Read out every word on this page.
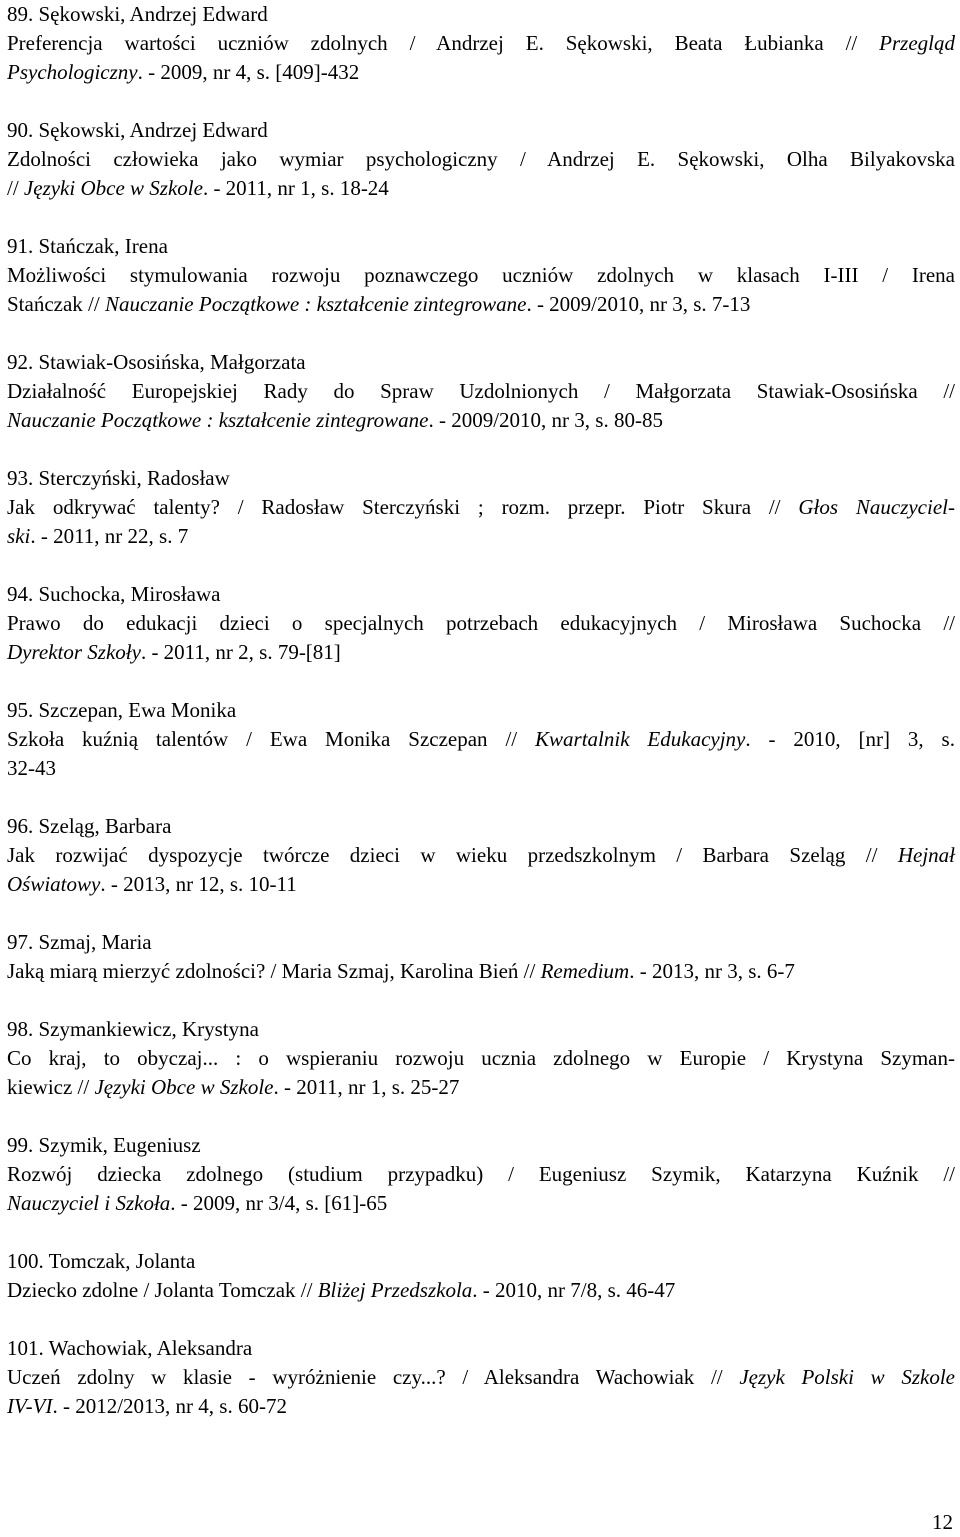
89. Sękowski, Andrzej Edward
Preferencja wartości uczniów zdolnych / Andrzej E. Sękowski, Beata Łubianka // Przegląd
Psychologiczny. - 2009, nr 4, s. [409]-432
90. Sękowski, Andrzej Edward
Zdolności człowieka jako wymiar psychologiczny / Andrzej E. Sękowski, Olha Bilyakovska
// Języki Obce w Szkole. - 2011, nr 1, s. 18-24
91. Stańczak, Irena
Możliwości stymulowania rozwoju poznawczego uczniów zdolnych w klasach I-III / Irena
Stańczak // Nauczanie Początkowe : kształcenie zintegrowane. - 2009/2010, nr 3, s. 7-13
92. Stawiak-Ososińska, Małgorzata
Działalność Europejskiej Rady do Spraw Uzdolnionych / Małgorzata Stawiak-Ososińska //
Nauczanie Początkowe : kształcenie zintegrowane. - 2009/2010, nr 3, s. 80-85
93. Sterczyński, Radosław
Jak odkrywać talenty? / Radosław Sterczyński ; rozm. przepr. Piotr Skura // Głos Nauczyciel-
ski. - 2011, nr 22, s. 7
94. Suchocka, Mirosława
Prawo do edukacji dzieci o specjalnych potrzebach edukacyjnych / Mirosława Suchocka //
Dyrektor Szkoły. - 2011, nr 2, s. 79-[81]
95. Szczepan, Ewa Monika
Szkoła kuźnią talentów / Ewa Monika Szczepan // Kwartalnik Edukacyjny. - 2010, [nr] 3, s.
32-43
96. Szeląg, Barbara
Jak rozwijać dyspozycje twórcze dzieci w wieku przedszkolnym / Barbara Szeląg // Hejnał
Oświatowy. - 2013, nr 12, s. 10-11
97. Szmaj, Maria
Jaką miarą mierzyć zdolności? / Maria Szmaj, Karolina Bień // Remedium. - 2013, nr 3, s. 6-7
98. Szymankiewicz, Krystyna
Co kraj, to obyczaj... : o wspieraniu rozwoju ucznia zdolnego w Europie / Krystyna Szyman-
kiewicz // Języki Obce w Szkole. - 2011, nr 1, s. 25-27
99. Szymik, Eugeniusz
Rozwój dziecka zdolnego (studium przypadku) / Eugeniusz Szymik, Katarzyna Kuźnik //
Nauczyciel i Szkoła. - 2009, nr 3/4, s. [61]-65
100. Tomczak, Jolanta
Dziecko zdolne / Jolanta Tomczak // Bliżej Przedszkola. - 2010, nr 7/8, s. 46-47
101. Wachowiak, Aleksandra
Uczeń zdolny w klasie - wyróżnienie czy...? / Aleksandra Wachowiak // Język Polski w Szkole
IV-VI. - 2012/2013, nr 4, s. 60-72
12
